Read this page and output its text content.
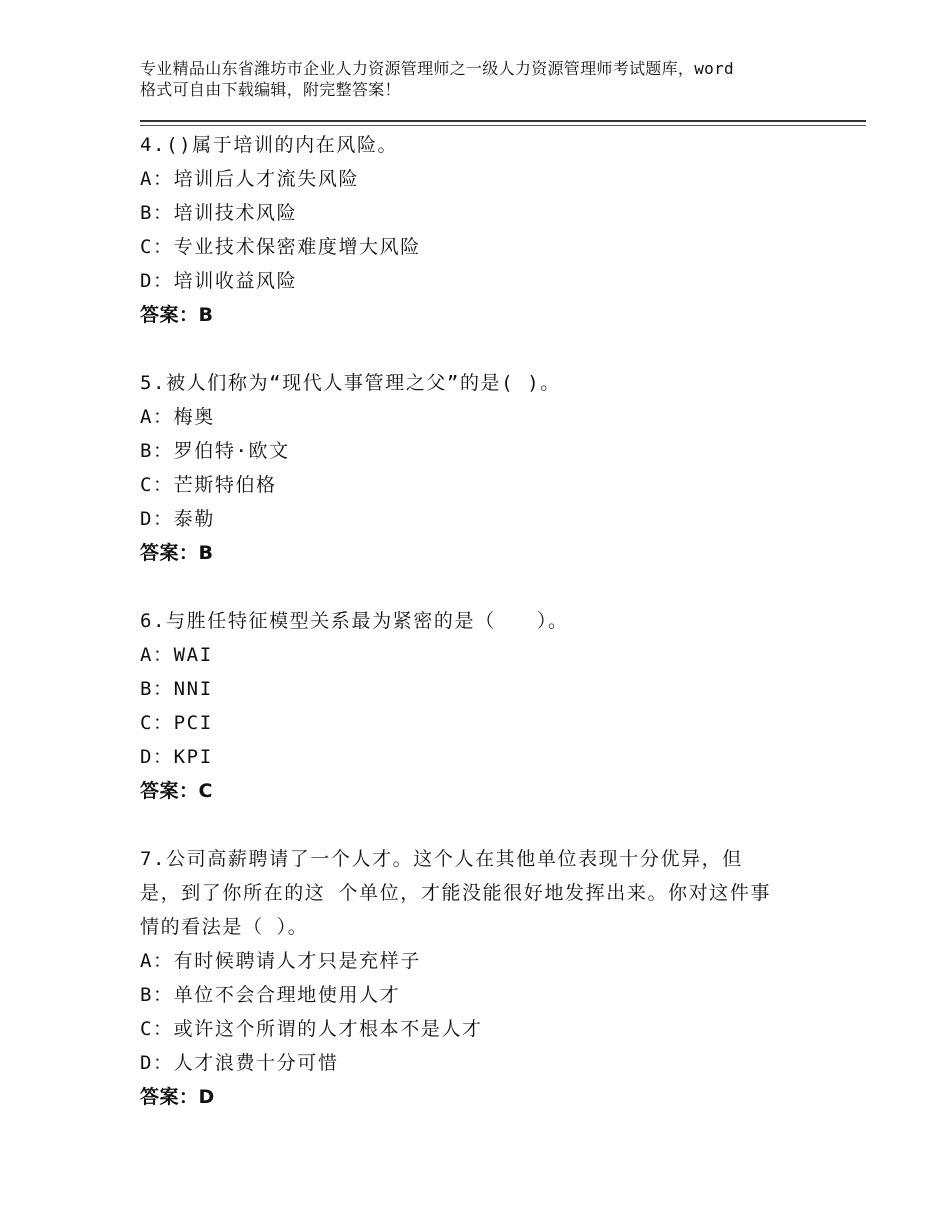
专业精品山东省潍坊市企业人力资源管理师之一级人力资源管理师考试题库，word
格式可自由下载编辑，附完整答案！
4.()属于培训的内在风险。
A：培训后人才流失风险
B：培训技术风险
C：专业技术保密难度增大风险
D：培训收益风险
答案：B
5.被人们称为“现代人事管理之父”的是( )。
A：梅奥
B：罗伯特·欧文
C：芒斯特伯格
D：泰勒
答案：B
6.与胜任特征模型关系最为紧密的是（　　）。
A：WAI
B：NNI
C：PCI
D：KPI
答案：C
7.公司高薪聘请了一个人才。这个人在其他单位表现十分优异，但
是，到了你所在的这 个单位，才能没能很好地发挥出来。你对这件事
情的看法是（ ）。
A：有时候聘请人才只是充样子
B：单位不会合理地使用人才
C：或许这个所谓的人才根本不是人才
D：人才浪费十分可惜
答案：D
